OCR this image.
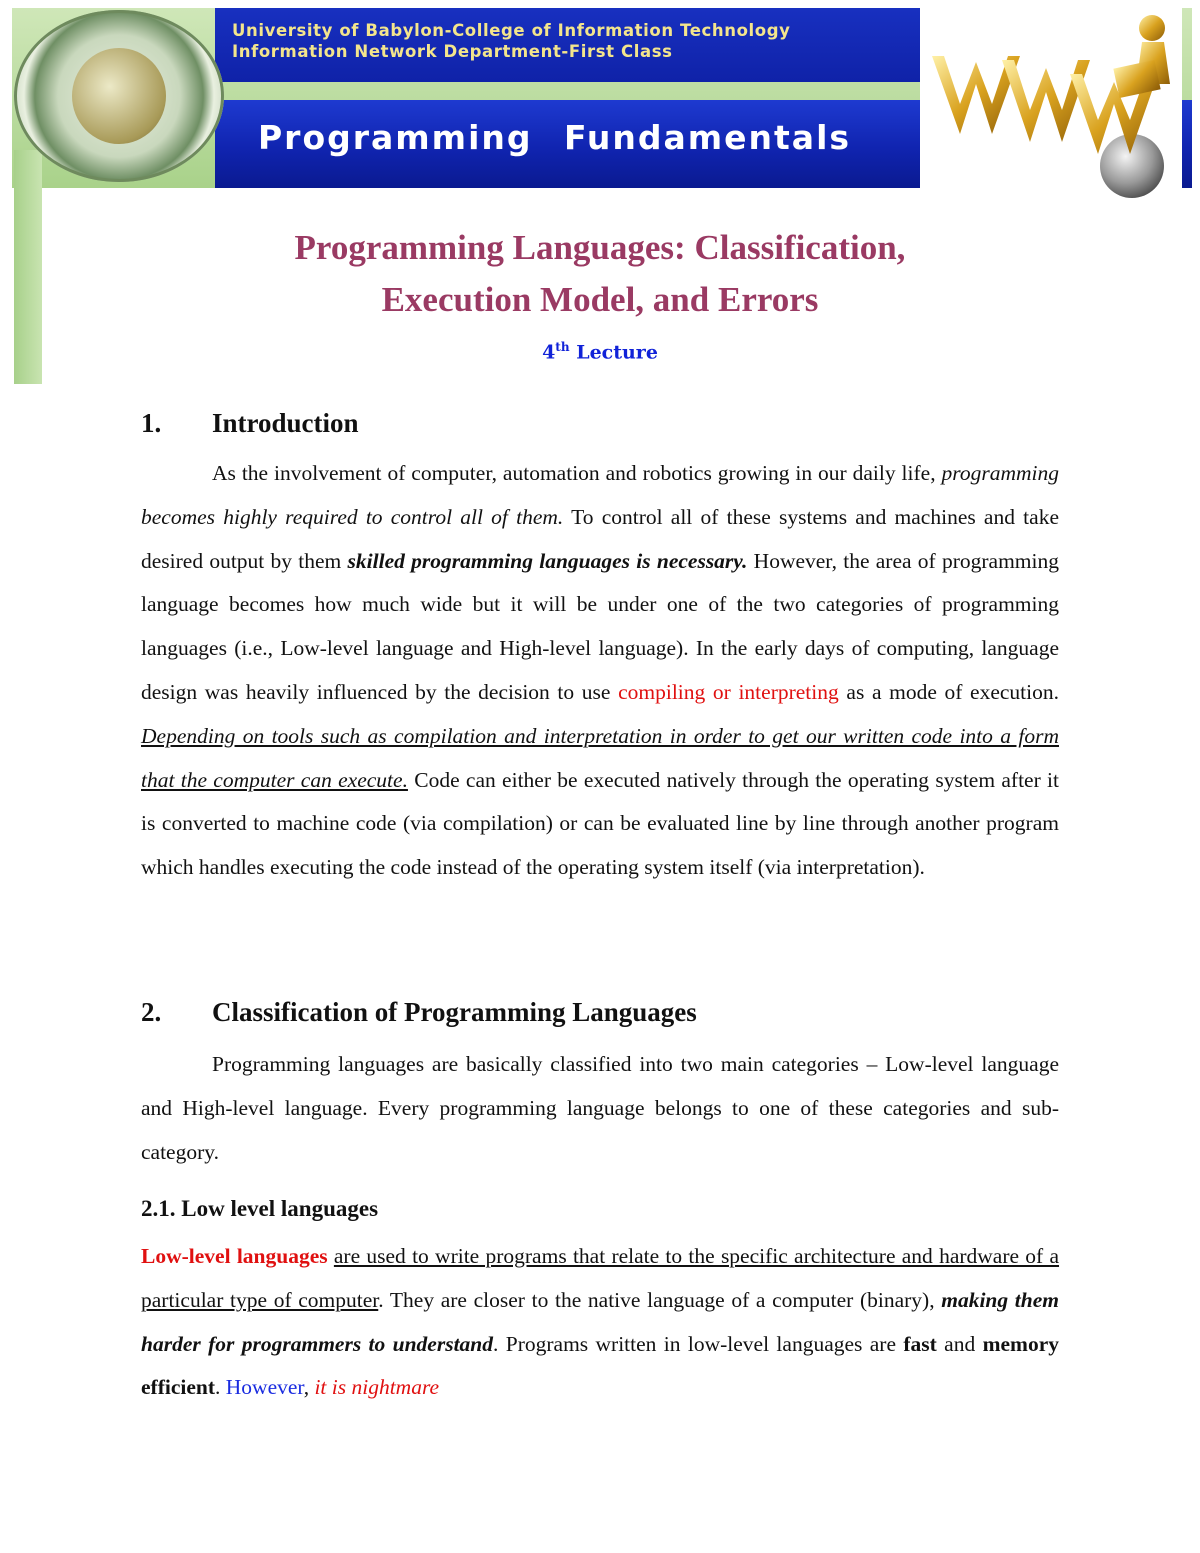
University of Babylon-College of Information Technology
Information Network Department-First Class
Programming Fundamentals
Programming Languages: Classification,
Execution Model, and Errors
4th Lecture
1. Introduction
As the involvement of computer, automation and robotics growing in our daily life, programming becomes highly required to control all of them. To control all of these systems and machines and take desired output by them skilled programming languages is necessary. However, the area of programming language becomes how much wide but it will be under one of the two categories of programming languages (i.e., Low-level language and High-level language). In the early days of computing, language design was heavily influenced by the decision to use compiling or interpreting as a mode of execution. Depending on tools such as compilation and interpretation in order to get our written code into a form that the computer can execute. Code can either be executed natively through the operating system after it is converted to machine code (via compilation) or can be evaluated line by line through another program which handles executing the code instead of the operating system itself (via interpretation).
2. Classification of Programming Languages
Programming languages are basically classified into two main categories – Low-level language and High-level language. Every programming language belongs to one of these categories and sub-category.
2.1. Low level languages
Low-level languages are used to write programs that relate to the specific architecture and hardware of a particular type of computer. They are closer to the native language of a computer (binary), making them harder for programmers to understand. Programs written in low-level languages are fast and memory efficient. However, it is nightmare
